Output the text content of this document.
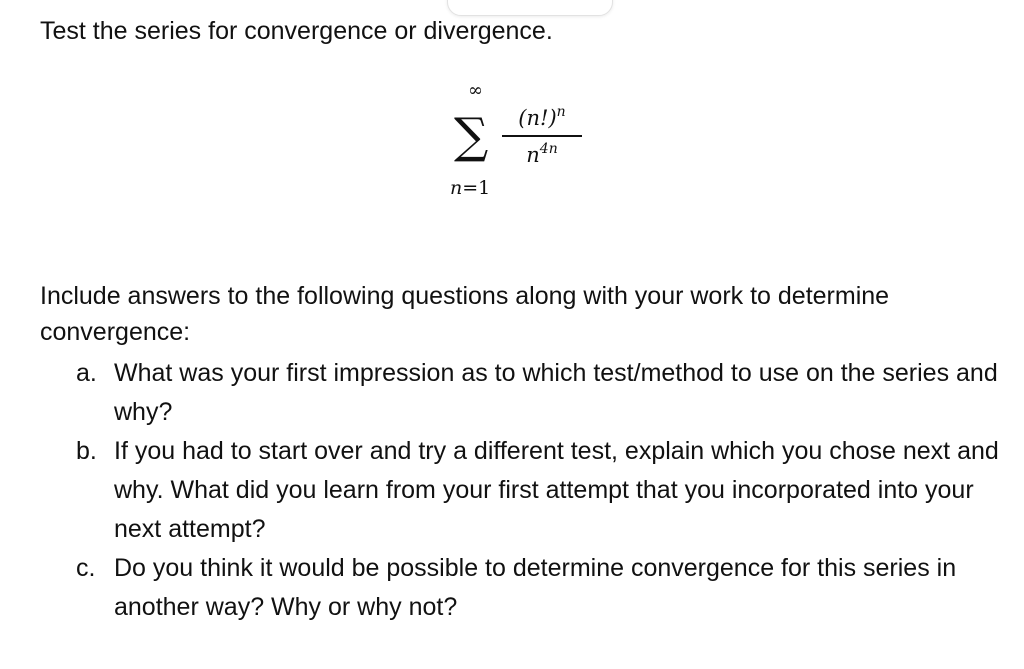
Test the series for convergence or divergence.
∞
∑
n=1
$(n!)^n$
$n^{4n}$
Include answers to the following questions along with your work to determine convergence:
a. What was your first impression as to which test/method to use on the series and why?
b. If you had to start over and try a different test, explain which you chose next and why. What did you learn from your first attempt that you incorporated into your next attempt?
c. Do you think it would be possible to determine convergence for this series in another way? Why or why not?
